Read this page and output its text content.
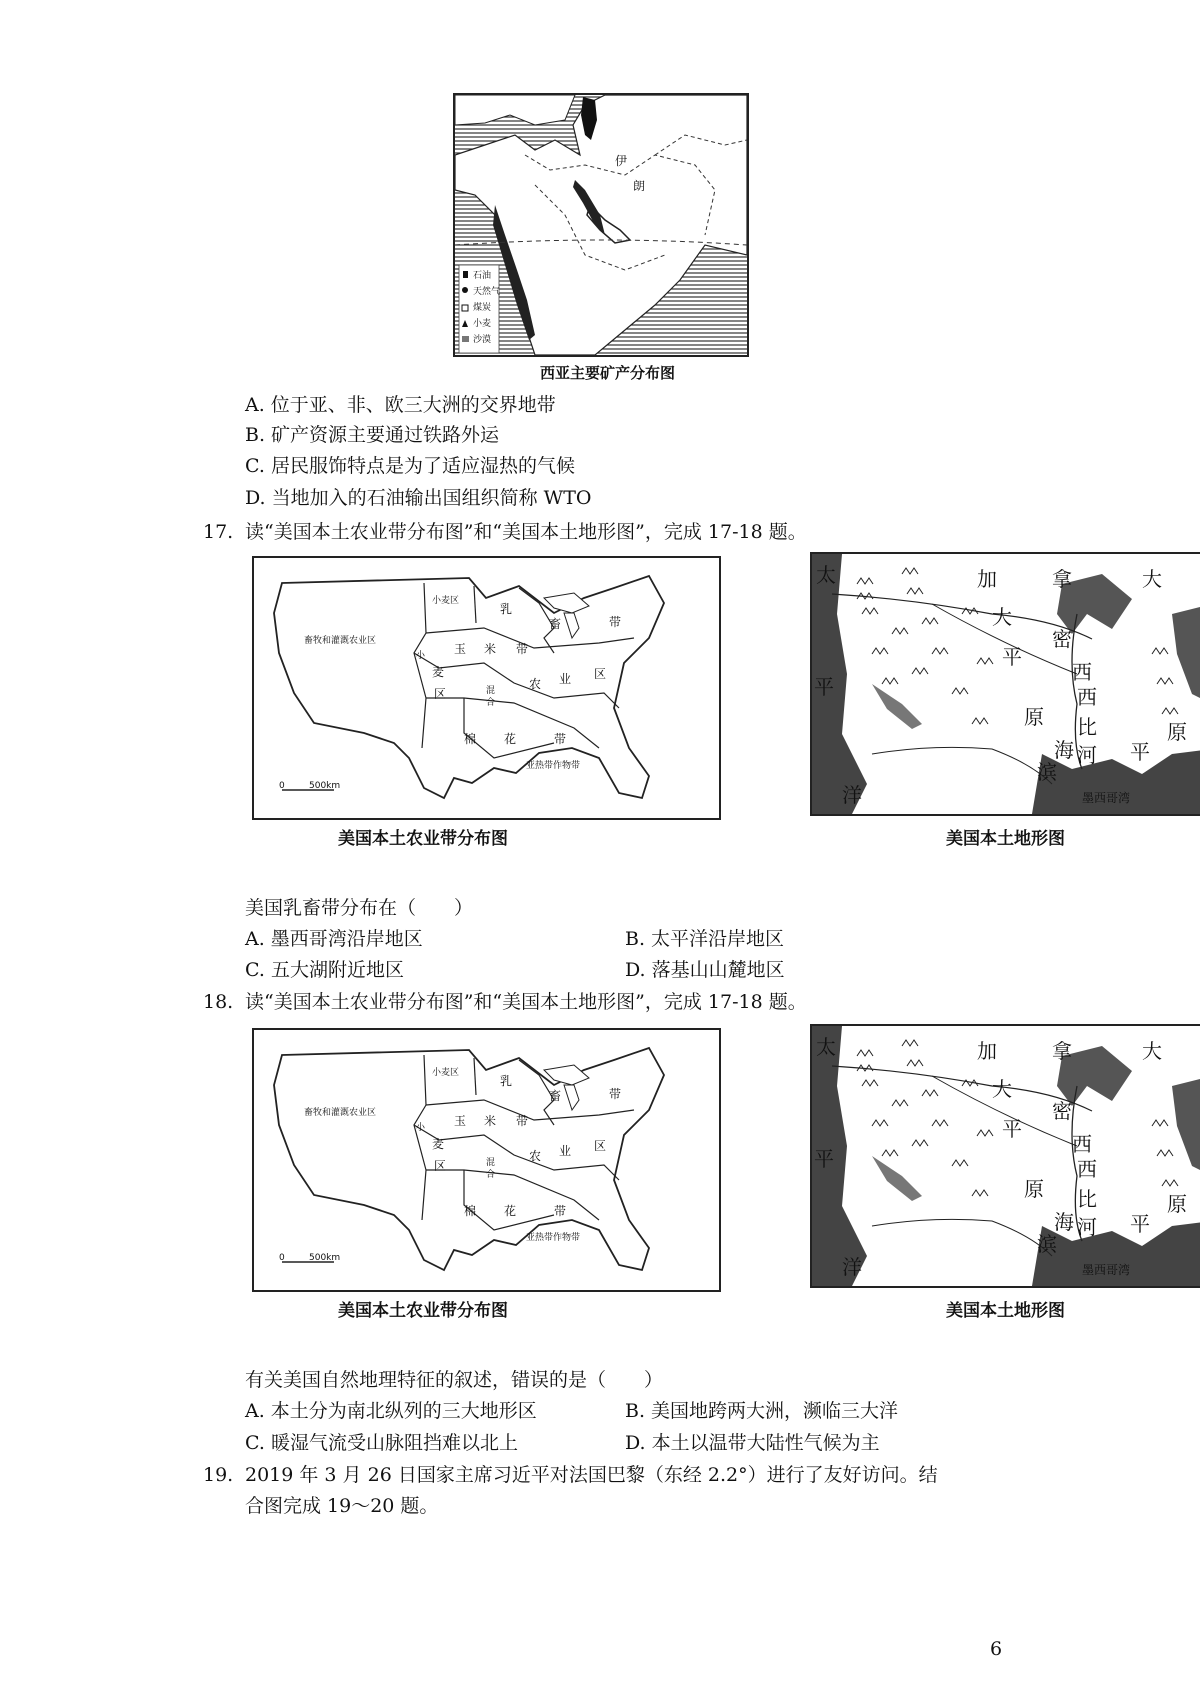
伊
朗
石油
天然气
煤炭
小麦
沙漠
西亚主要矿产分布图
A. 位于亚、非、欧三大洲的交界地带
B. 矿产资源主要通过铁路外运
C. 居民服饰特点是为了适应湿热的气候
D. 当地加入的石油输出国组织简称 WTO
17. 读“美国本土农业带分布图”和“美国本土地形图”，完成 17-18 题。
0	500km
畜牧和灌溉农业区
小麦区
乳
畜	带
玉 米 带
小
麦
区	混
合
农 业 区
棉 花	带
亚热带作物带
美国本土农业带分布图
加	拿	大
大
平
原
密
西
西
比
河
海
滨
平
原
太
平
洋	墨西哥湾
美国本土地形图
美国乳畜带分布在（　　）
A. 墨西哥湾沿岸地区	B. 太平洋沿岸地区
C. 五大湖附近地区	D. 落基山山麓地区
18. 读“美国本土农业带分布图”和“美国本土地形图”，完成 17-18 题。
0	500km
畜牧和灌溉农业区
小麦区
乳
畜	带
玉 米 带
小
麦
区	混
合
农 业 区
棉 花	带
亚热带作物带
美国本土农业带分布图
加	拿	大
大
平
原
密
西
西
比
河
海
滨
平
原
太
平
洋	墨西哥湾
美国本土地形图
有关美国自然地理特征的叙述，错误的是（　　）
A. 本土分为南北纵列的三大地形区	B. 美国地跨两大洲，濒临三大洋
C. 暖湿气流受山脉阻挡难以北上	D. 本土以温带大陆性气候为主
19. 2019 年 3 月 26 日国家主席习近平对法国巴黎（东经 2.2°）进行了友好访问。结
合图完成 19～20 题。
6
